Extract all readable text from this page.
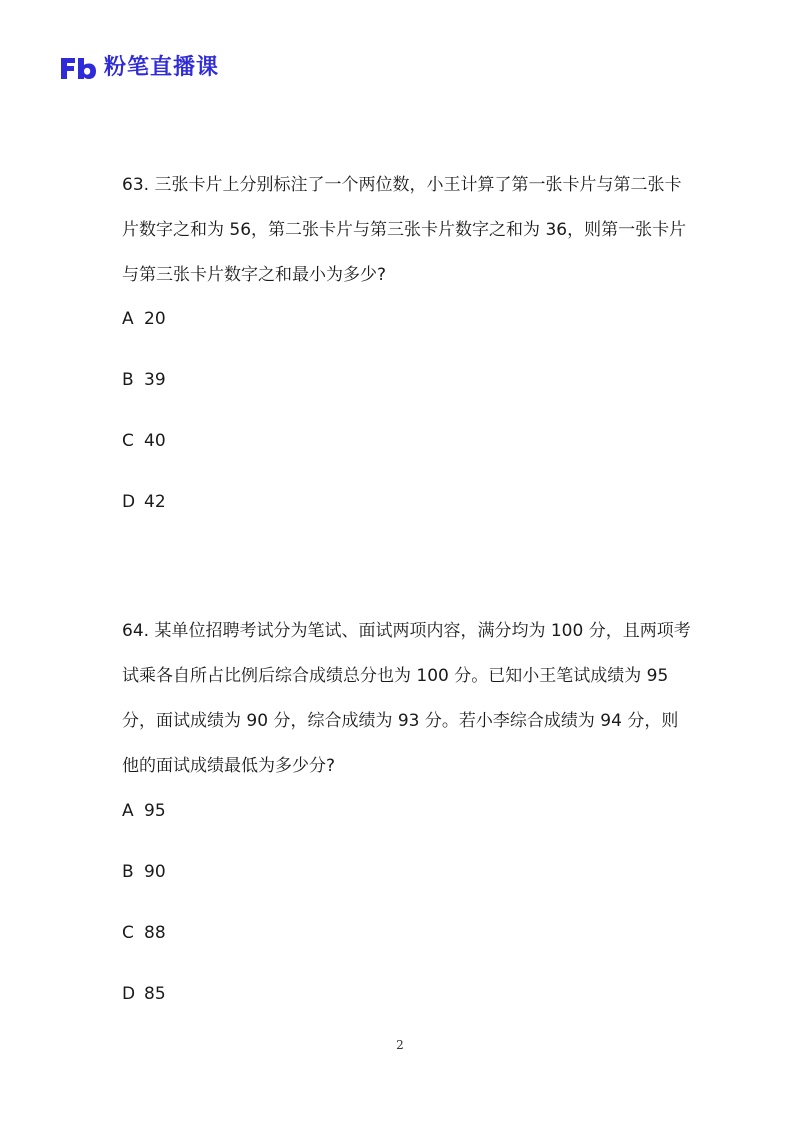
粉笔直播课

63. 三张卡片上分别标注了一个两位数，小王计算了第一张卡片与第二张卡片数字之和为 56，第二张卡片与第三张卡片数字之和为 36，则第一张卡片与第三张卡片数字之和最小为多少?

A 20
B 39
C 40
D 42

64. 某单位招聘考试分为笔试、面试两项内容，满分均为 100 分，且两项考试乘各自所占比例后综合成绩总分也为 100 分。已知小王笔试成绩为 95 分，面试成绩为 90 分，综合成绩为 93 分。若小李综合成绩为 94 分，则他的面试成绩最低为多少分?

A 95
B 90
C 88
D 85
2
